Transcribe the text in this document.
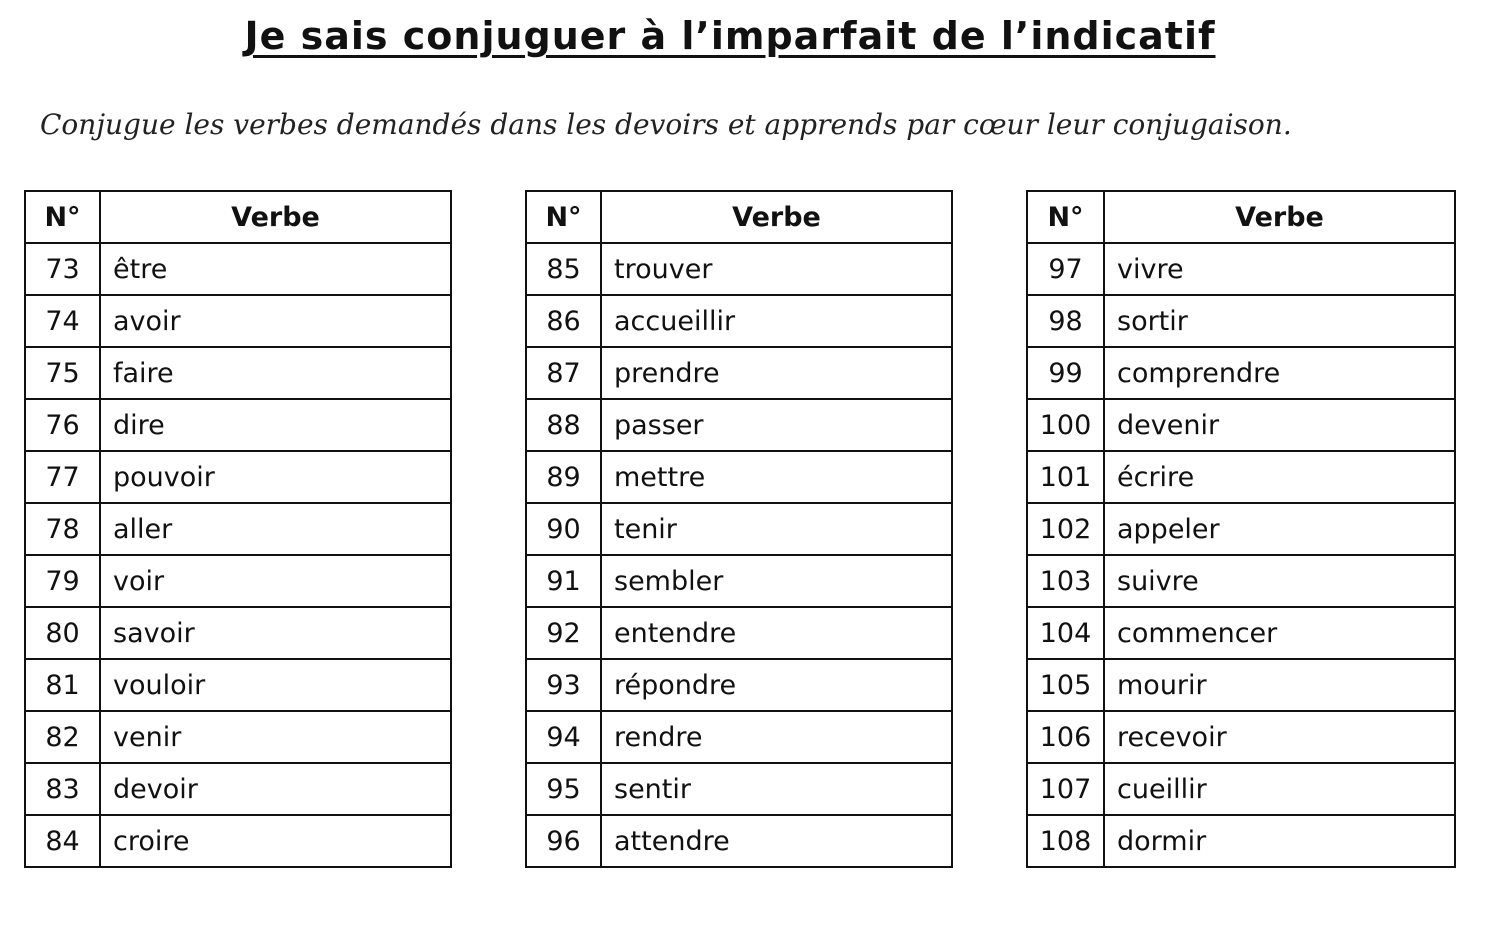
Je sais conjuguer à l’imparfait de l’indicatif

Conjugue les verbes demandés dans les devoirs et apprends par cœur leur conjugaison.

N°	Verbe
73	être
74	avoir
75	faire
76	dire
77	pouvoir
78	aller
79	voir
80	savoir
81	vouloir
82	venir
83	devoir
84	croire
N°	Verbe
85	trouver
86	accueillir
87	prendre
88	passer
89	mettre
90	tenir
91	sembler
92	entendre
93	répondre
94	rendre
95	sentir
96	attendre
N°	Verbe
97	vivre
98	sortir
99	comprendre
100	devenir
101	écrire
102	appeler
103	suivre
104	commencer
105	mourir
106	recevoir
107	cueillir
108	dormir
